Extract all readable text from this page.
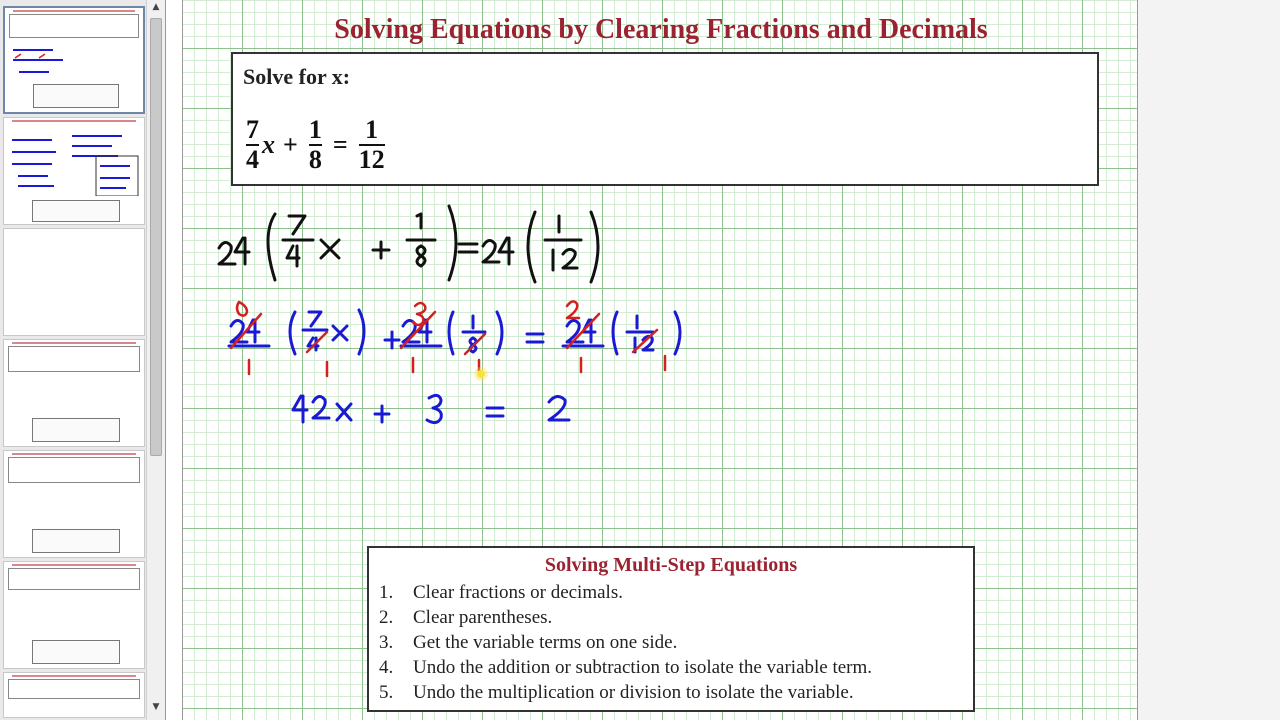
▲
▼
Solving Equations by Clearing Fractions and Decimals
Solve for x:
$\frac{7}{4}$ $x + \frac{1}{8} = \frac{1}{12}$
Solving Multi-Step Equations
1.	Clear fractions or decimals.
2.	Clear parentheses.
3.	Get the variable terms on one side.
4.	Undo the addition or subtraction to isolate the variable term.
5.	Undo the multiplication or division to isolate the variable.
